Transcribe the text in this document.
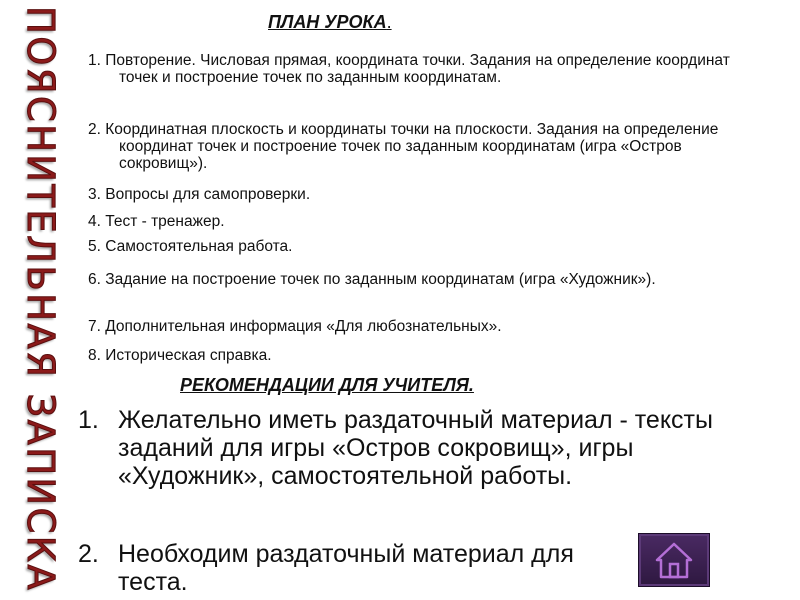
ПОЯСНИТЕЛЬНАЯ ЗАПИСКА	ПЛАН УРОКА.
1. Повторение. Числовая прямая, координата точки. Задания на определение координат точек и построение точек по заданным координатам.
2. Координатная плоскость и координаты точки на плоскости. Задания на определение координат точек и построение точек по заданным координатам (игра «Остров сокровищ»).
3. Вопросы для самопроверки.
4. Тест - тренажер.
5. Самостоятельная работа.
6. Задание на построение точек по заданным координатам (игра «Художник»).
7. Дополнительная информация «Для любознательных».
8. Историческая справка.
РЕКОМЕНДАЦИИ ДЛЯ УЧИТЕЛЯ.
1. Желательно иметь раздаточный материал - тексты заданий для игры «Остров сокровищ», игры «Художник», самостоятельной работы.
2. Необходим раздаточный материал для теста.
